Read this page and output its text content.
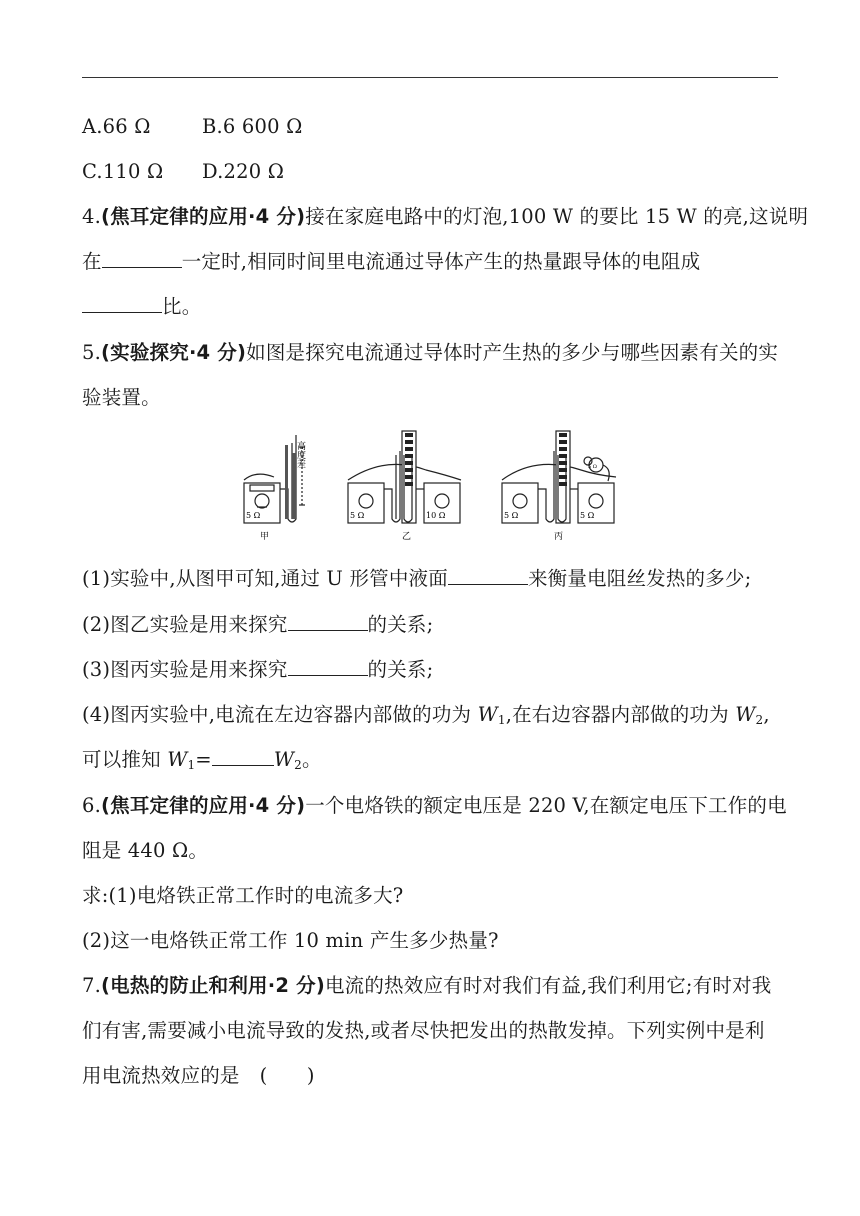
A.66 Ω	B.6 600 Ω
C.110 Ω D.220 Ω
4.(焦耳定律的应用·4 分)接在家庭电路中的灯泡,100 W 的要比 15 W 的亮,这说明
在	一定时,相同时间里电流通过导体产生的热量跟导体的电阻成
比。
5.(实验探究·4 分)如图是探究电流通过导体时产生热的多少与哪些因素有关的实
验装置。
5 Ω
高度差
甲
5 Ω	10 Ω
乙
5 Ω	5 Ω
5 Ω
丙
(1)实验中,从图甲可知,通过 U 形管中液面	来衡量电阻丝发热的多少;
(2)图乙实验是用来探究	的关系;
(3)图丙实验是用来探究	的关系;
(4)图丙实验中,电流在左边容器内部做的功为 $W_1$,在右边容器内部做的功为 $W_2$,
可以推知 $W_1=$	$W_2$。
6.(焦耳定律的应用·4 分)一个电烙铁的额定电压是 220 V,在额定电压下工作的电
阻是 440 Ω。
求:(1)电烙铁正常工作时的电流多大?
(2)这一电烙铁正常工作 10 min 产生多少热量?
7.(电热的防止和利用·2 分)电流的热效应有时对我们有益,我们利用它;有时对我
们有害,需要减小电流导致的发热,或者尽快把发出的热散发掉。下列实例中是利
用电流热效应的是 (　　)
